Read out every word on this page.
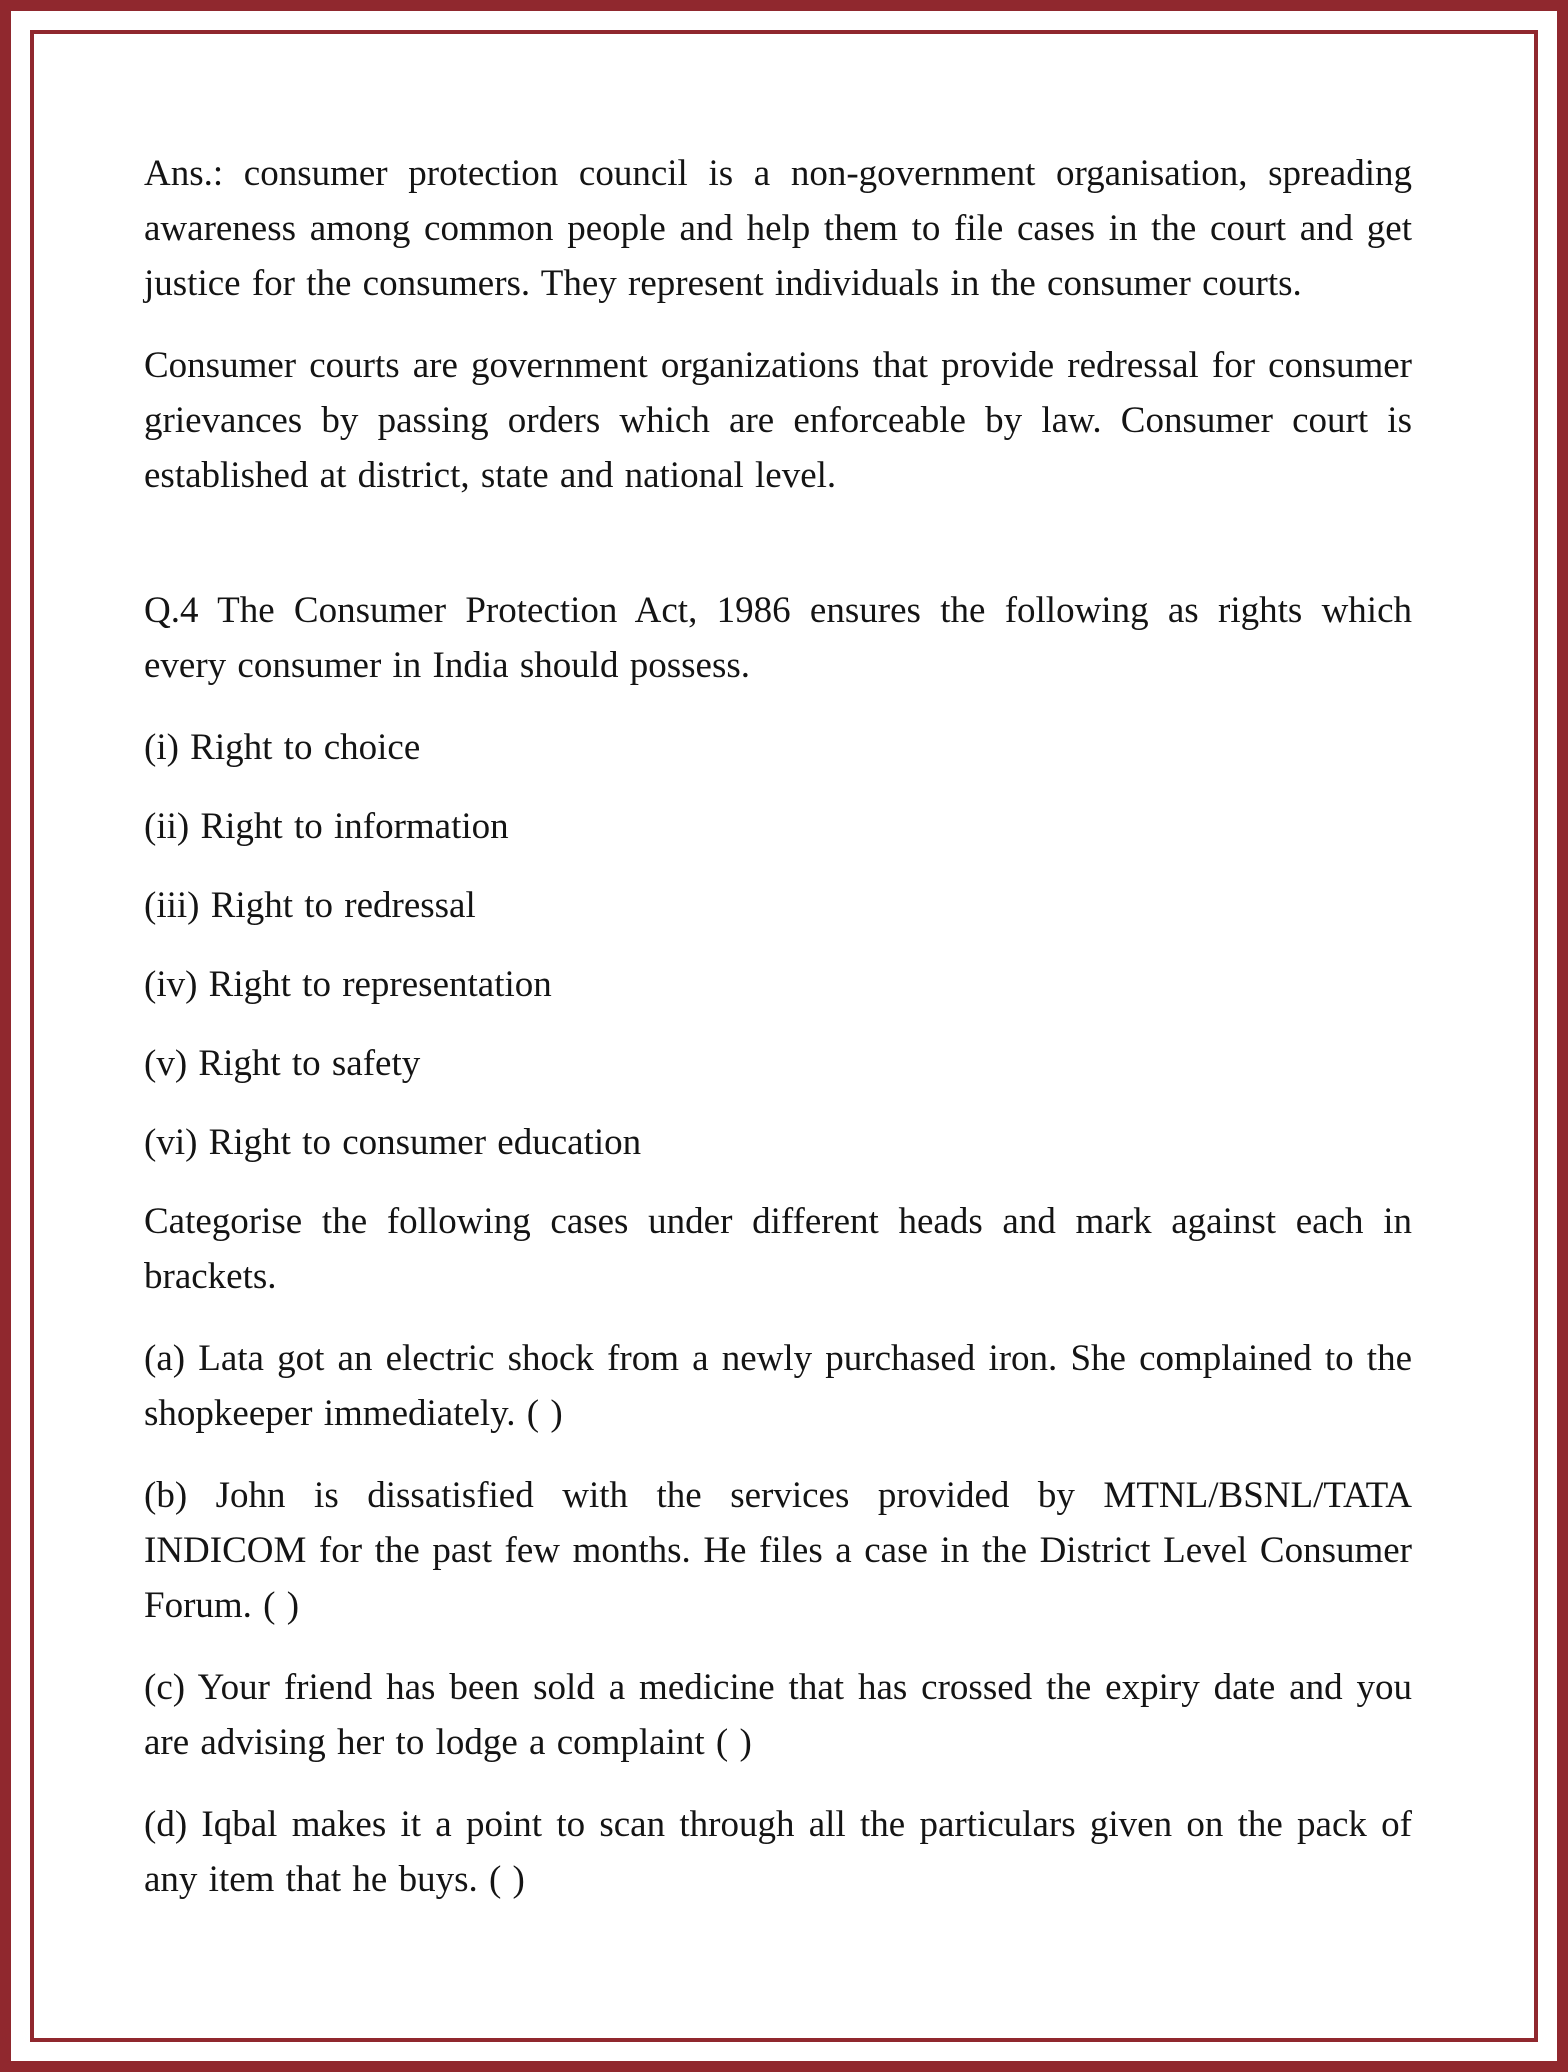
Ans.: consumer protection council is a non-government organisation, spreading awareness among common people and help them to file cases in the court and get justice for the consumers. They represent individuals in the consumer courts.

Consumer courts are government organizations that provide redressal for consumer grievances by passing orders which are enforceable by law. Consumer court is established at district, state and national level.

Q.4 The Consumer Protection Act, 1986 ensures the following as rights which every consumer in India should possess.

(i) Right to choice

(ii) Right to information

(iii) Right to redressal

(iv) Right to representation

(v) Right to safety

(vi) Right to consumer education

Categorise the following cases under different heads and mark against each in brackets.

(a) Lata got an electric shock from a newly purchased iron. She complained to the shopkeeper immediately. ( )

(b) John is dissatisfied with the services provided by MTNL/BSNL/TATA INDICOM for the past few months. He files a case in the District Level Consumer Forum. ( )

(c) Your friend has been sold a medicine that has crossed the expiry date and you are advising her to lodge a complaint ( )

(d) Iqbal makes it a point to scan through all the particulars given on the pack of any item that he buys. ( )
